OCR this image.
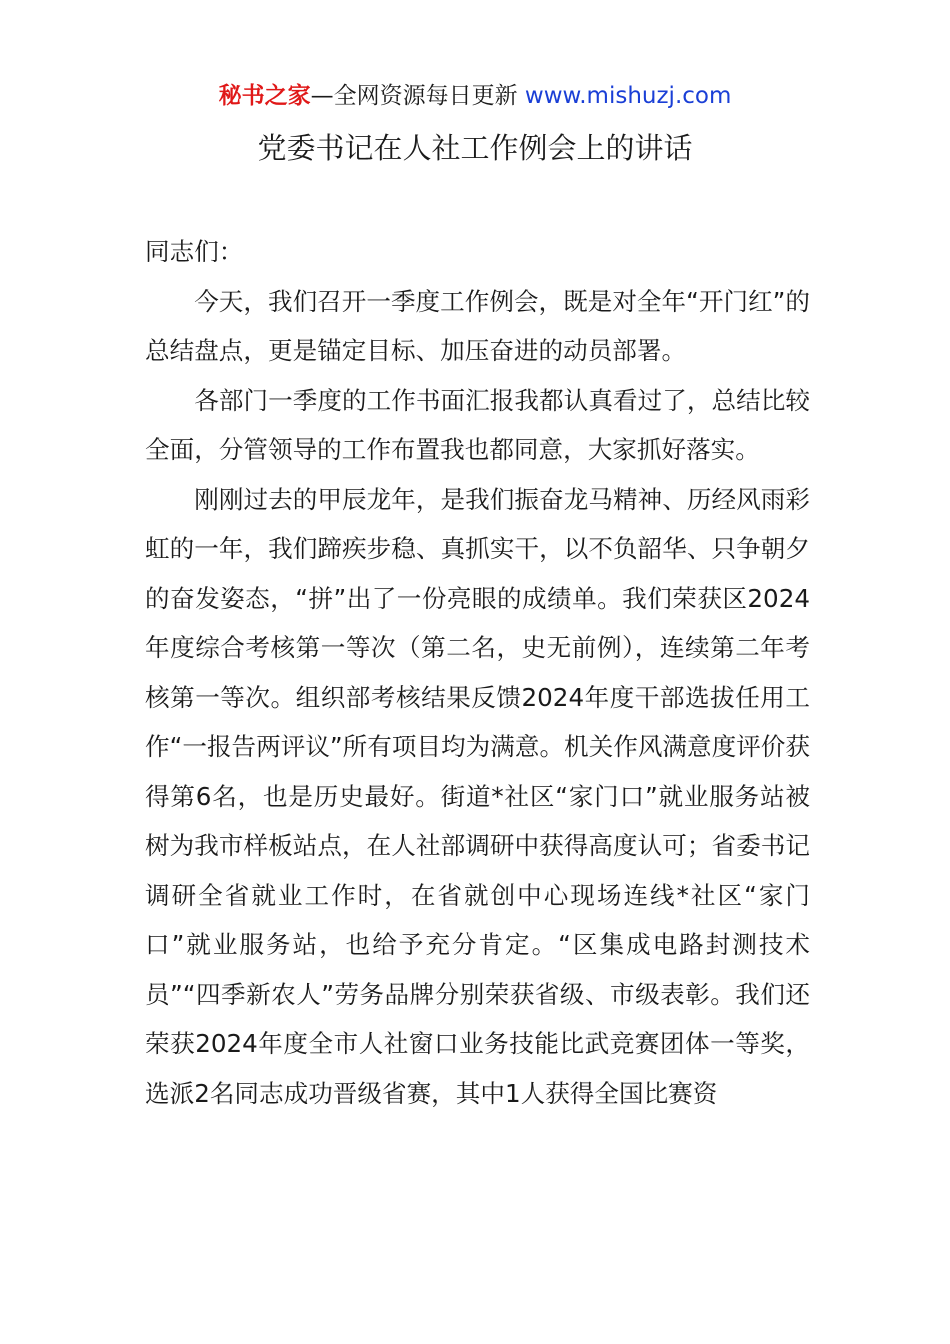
秘书之家—全网资源每日更新 www.mishuzj.com
党委书记在人社工作例会上的讲话

同志们：

今天，我们召开一季度工作例会，既是对全年“开门红”的总结盘点，更是锚定目标、加压奋进的动员部署。

各部门一季度的工作书面汇报我都认真看过了，总结比较全面，分管领导的工作布置我也都同意，大家抓好落实。

刚刚过去的甲辰龙年，是我们振奋龙马精神、历经风雨彩虹的一年，我们蹄疾步稳、真抓实干，以不负韶华、只争朝夕的奋发姿态，“拼”出了一份亮眼的成绩单。我们荣获区2024年度综合考核第一等次（第二名，史无前例），连续第二年考核第一等次。组织部考核结果反馈2024年度干部选拔任用工作“一报告两评议”所有项目均为满意。机关作风满意度评价获得第6名，也是历史最好。街道*社区“家门口”就业服务站被树为我市样板站点，在人社部调研中获得高度认可；省委书记调研全省就业工作时，在省就创中心现场连线*社区“家门口”就业服务站，也给予充分肯定。“区集成电路封测技术员”“四季新农人”劳务品牌分别荣获省级、市级表彰。我们还荣获2024年度全市人社窗口业务技能比武竞赛团体一等奖，选派2名同志成功晋级省赛，其中1人获得全国比赛资
